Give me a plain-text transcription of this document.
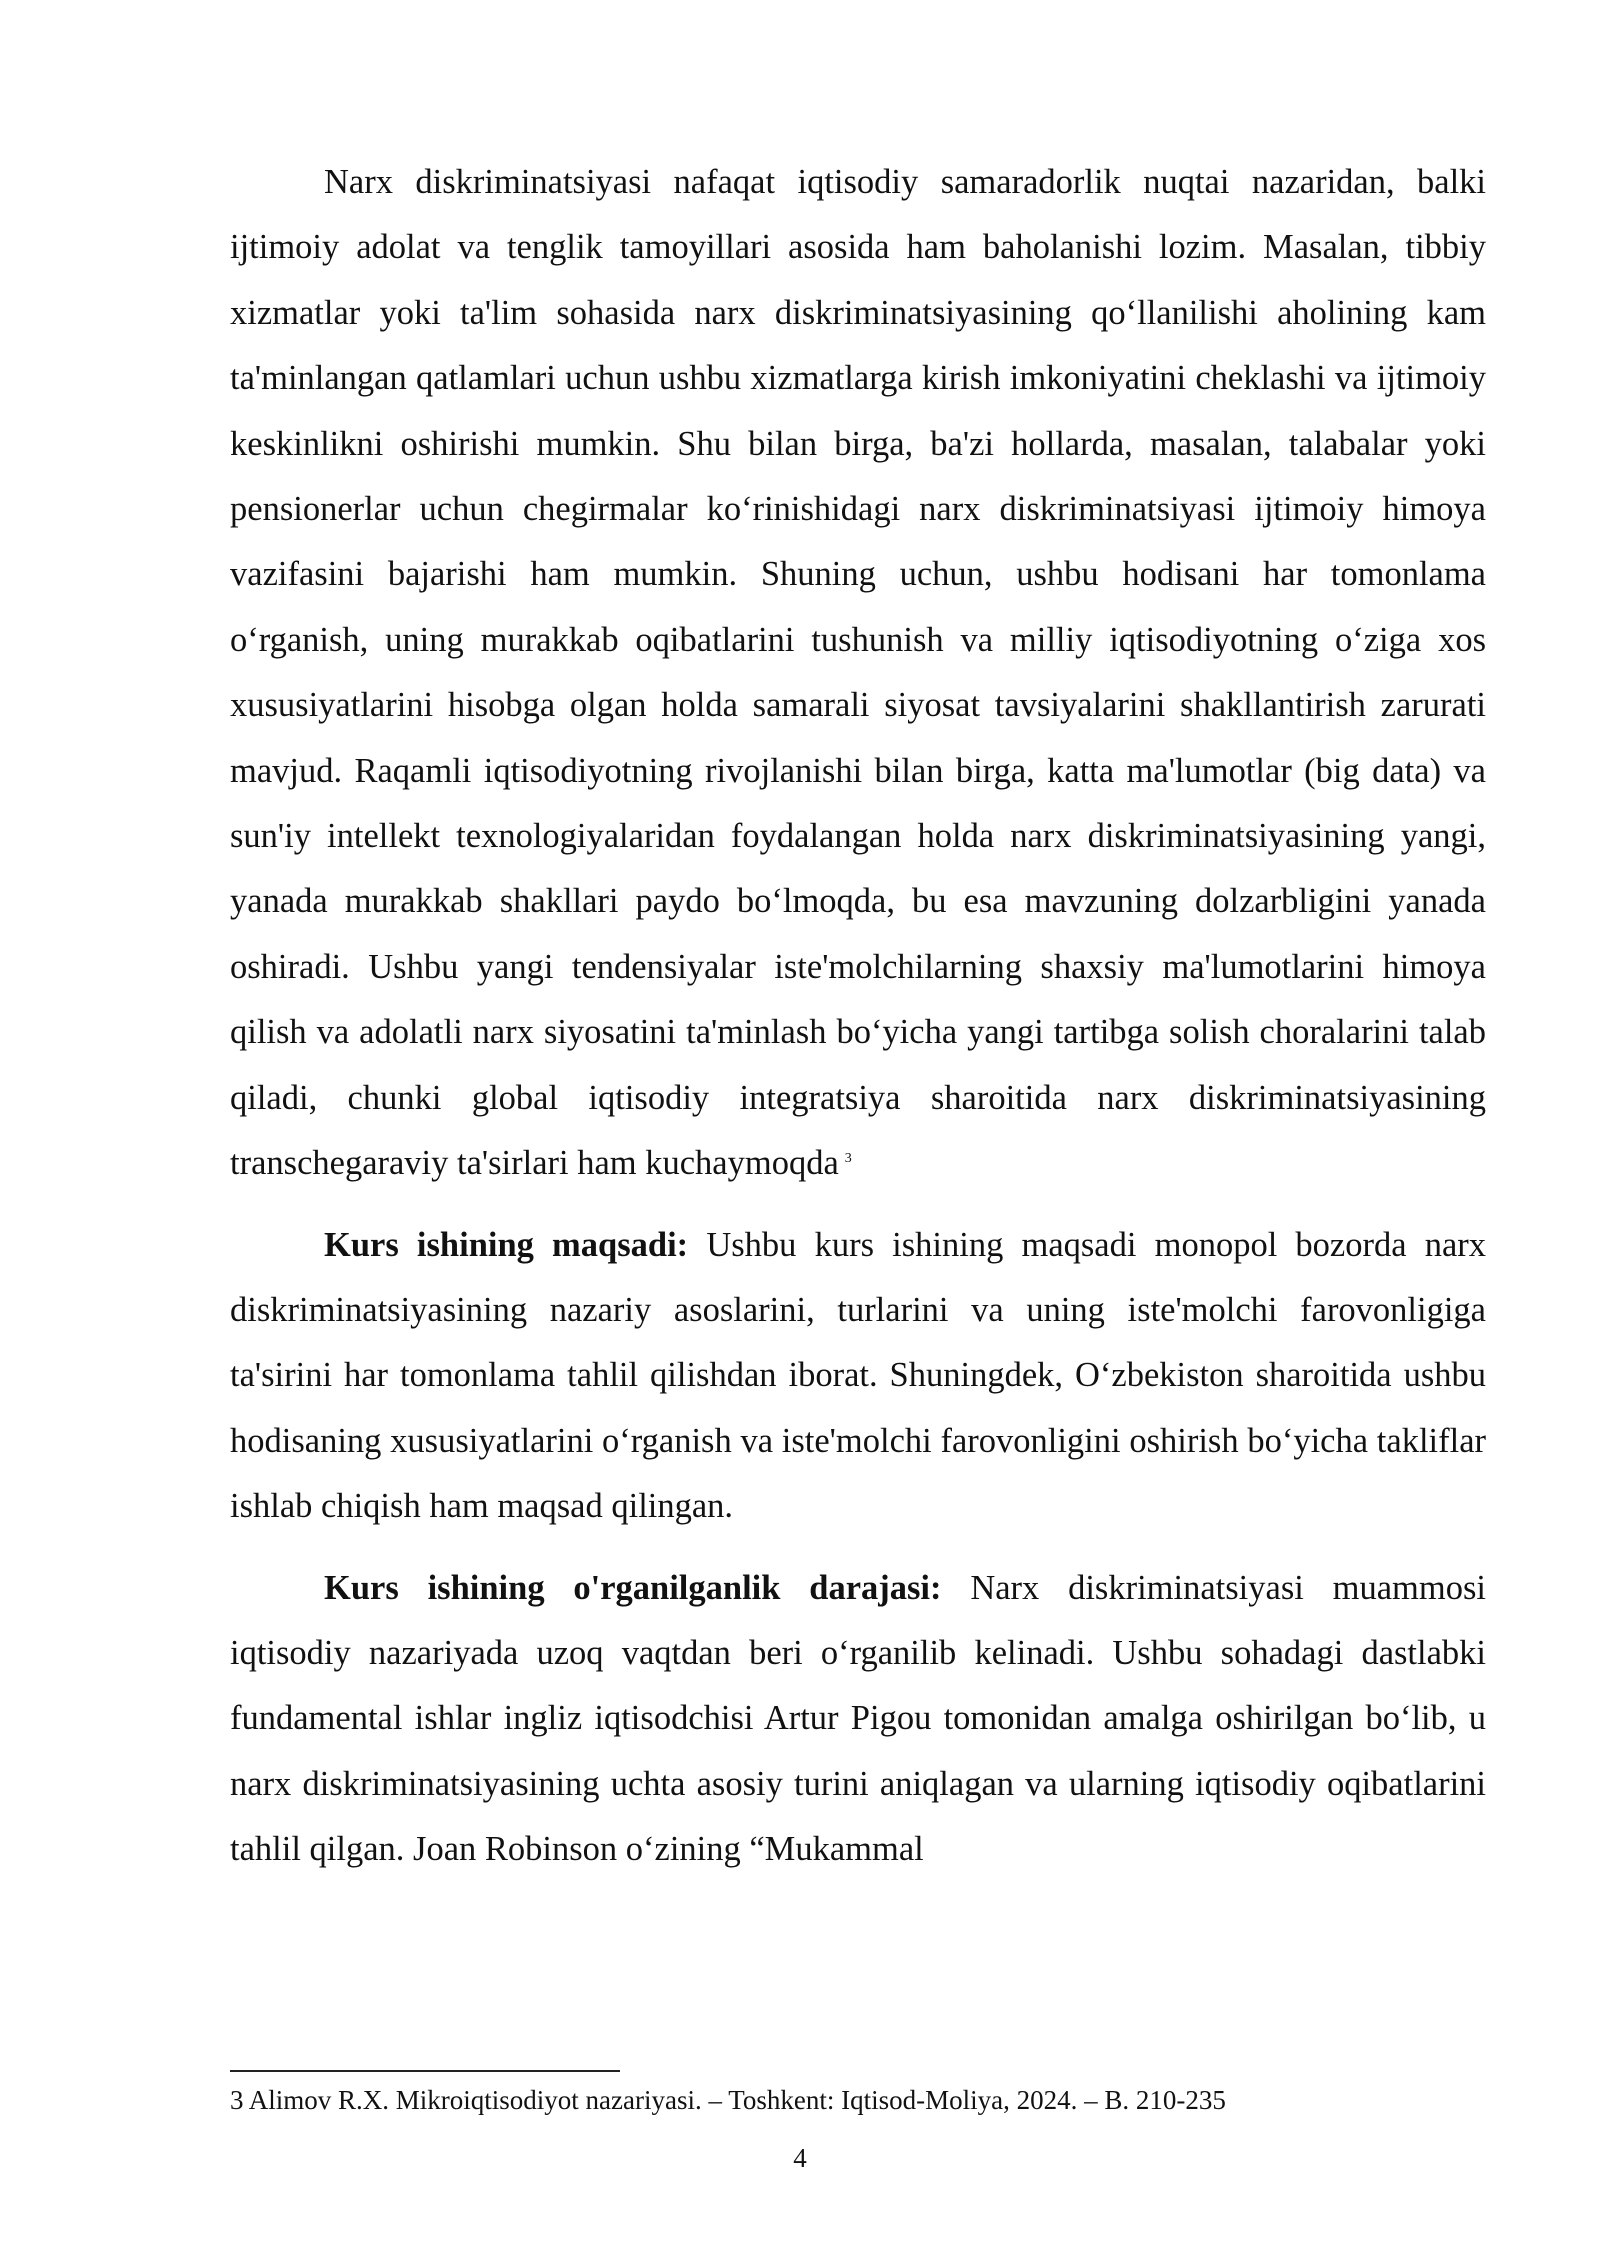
Narx diskriminatsiyasi nafaqat iqtisodiy samaradorlik nuqtai nazaridan, balki ijtimoiy adolat va tenglik tamoyillari asosida ham baholanishi lozim. Masalan, tibbiy xizmatlar yoki ta'lim sohasida narx diskriminatsiyasining qo‘llanilishi aholining kam ta'minlangan qatlamlari uchun ushbu xizmatlarga kirish imkoniyatini cheklashi va ijtimoiy keskinlikni oshirishi mumkin. Shu bilan birga, ba'zi hollarda, masalan, talabalar yoki pensionerlar uchun chegirmalar ko‘rinishidagi narx diskriminatsiyasi ijtimoiy himoya vazifasini bajarishi ham mumkin. Shuning uchun, ushbu hodisani har tomonlama o‘rganish, uning murakkab oqibatlarini tushunish va milliy iqtisodiyotning o‘ziga xos xususiyatlarini hisobga olgan holda samarali siyosat tavsiyalarini shakllantirish zarurati mavjud. Raqamli iqtisodiyotning rivojlanishi bilan birga, katta ma'lumotlar (big data) va sun'iy intellekt texnologiyalaridan foydalangan holda narx diskriminatsiyasining yangi, yanada murakkab shakllari paydo bo‘lmoqda, bu esa mavzuning dolzarbligini yanada oshiradi. Ushbu yangi tendensiyalar iste'molchilarning shaxsiy ma'lumotlarini himoya qilish va adolatli narx siyosatini ta'minlash bo‘yicha yangi tartibga solish choralarini talab qiladi, chunki global iqtisodiy integratsiya sharoitida narx diskriminatsiyasining transchegaraviy ta'sirlari ham kuchaymoqda $^3$

Kurs ishining maqsadi: Ushbu kurs ishining maqsadi monopol bozorda narx diskriminatsiyasining nazariy asoslarini, turlarini va uning iste'molchi farovonligiga ta'sirini har tomonlama tahlil qilishdan iborat. Shuningdek, O‘zbekiston sharoitida ushbu hodisaning xususiyatlarini o‘rganish va iste'molchi farovonligini oshirish bo‘yicha takliflar ishlab chiqish ham maqsad qilingan.

Kurs ishining o'rganilganlik darajasi: Narx diskriminatsiyasi muammosi iqtisodiy nazariyada uzoq vaqtdan beri o‘rganilib kelinadi. Ushbu sohadagi dastlabki fundamental ishlar ingliz iqtisodchisi Artur Pigou tomonidan amalga oshirilgan bo‘lib, u narx diskriminatsiyasining uchta asosiy turini aniqlagan va ularning iqtisodiy oqibatlarini tahlil qilgan. Joan Robinson o‘zining “Mukammal

3 Alimov R.X. Mikroiqtisodiyot nazariyasi. – Toshkent: Iqtisod-Moliya, 2024. – B. 210-235
4
